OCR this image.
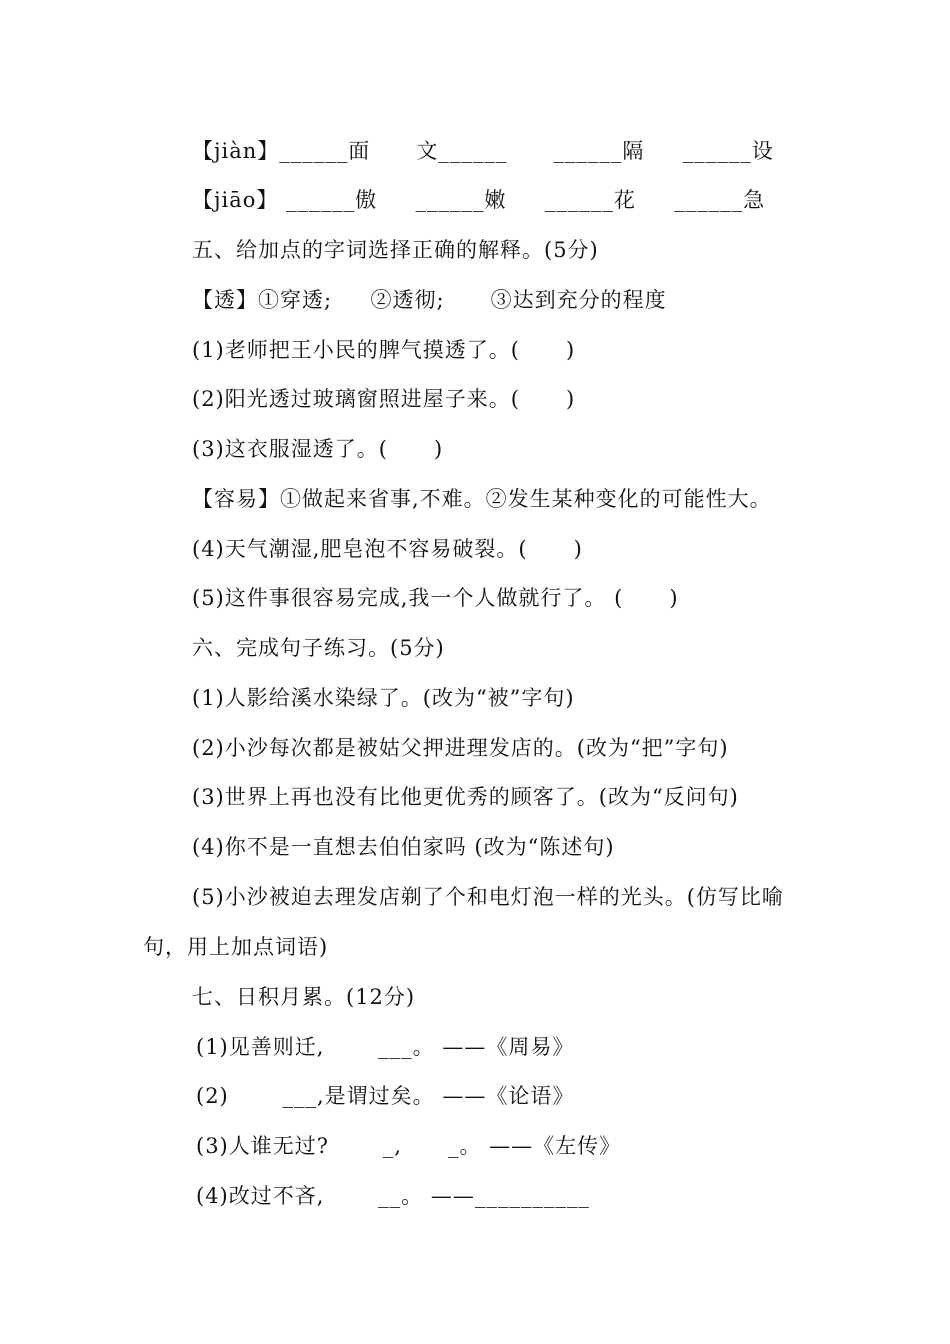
【jiàn】______面      文______      ______隔     ______设
【jiāo】 ______傲     ______嫩     ______花     ______急
五、给加点的字词选择正确的解释。(5分)
【透】①穿透;     ②透彻;      ③达到充分的程度
(1)老师把王小民的脾气摸透了。(      )
(2)阳光透过玻璃窗照进屋子来。(      )
(3)这衣服湿透了。(      )
【容易】①做起来省事,不难。②发生某种变化的可能性大。
(4)天气潮湿,肥皂泡不容易破裂。(      )
(5)这件事很容易完成,我一个人做就行了。 (      )
六、完成句子练习。(5分)
(1)人影给溪水染绿了。(改为“被”字句)
(2)小沙每次都是被姑父押进理发店的。(改为“把”字句)
(3)世界上再也没有比他更优秀的顾客了。(改为“反问句)
(4)你不是一直想去伯伯家吗 (改为“陈述句)
(5)小沙被迫去理发店剃了个和电灯泡一样的光头。(仿写比喻
句，用上加点词语)
七、日积月累。(12分)
(1)见善则迁,       ___。 ——《周易》
(2)       ___,是谓过矣。 ——《论语》
(3)人谁无过?       _,      _。 ——《左传》
(4)改过不吝,       __。 ——__________
